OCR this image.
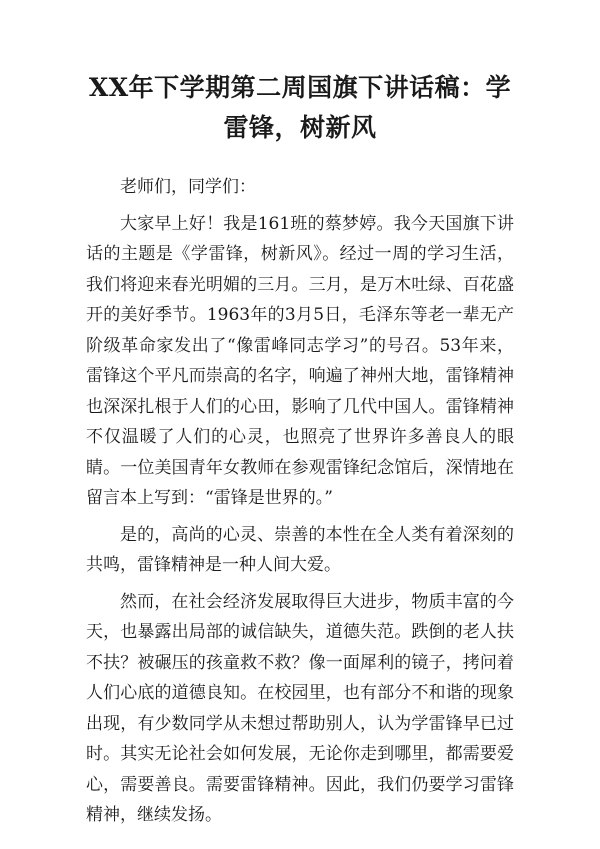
XX年下学期第二周国旗下讲话稿：学雷锋，树新风

老师们，同学们：

大家早上好！我是161班的蔡梦婷。我今天国旗下讲话的主题是《学雷锋，树新风》。经过一周的学习生活，我们将迎来春光明媚的三月。三月，是万木吐绿、百花盛开的美好季节。1963年的3月5日，毛泽东等老一辈无产阶级革命家发出了“像雷峰同志学习”的号召。53年来，雷锋这个平凡而崇高的名字，响遍了神州大地，雷锋精神也深深扎根于人们的心田，影响了几代中国人。雷锋精神不仅温暖了人们的心灵，也照亮了世界许多善良人的眼睛。一位美国青年女教师在参观雷锋纪念馆后，深情地在留言本上写到：“雷锋是世界的。”

是的，高尚的心灵、崇善的本性在全人类有着深刻的共鸣，雷锋精神是一种人间大爱。

然而，在社会经济发展取得巨大进步，物质丰富的今天，也暴露出局部的诚信缺失，道德失范。跌倒的老人扶不扶？被碾压的孩童救不救？像一面犀利的镜子，拷问着人们心底的道德良知。在校园里，也有部分不和谐的现象出现，有少数同学从未想过帮助别人，认为学雷锋早已过时。其实无论社会如何发展，无论你走到哪里，都需要爱心，需要善良。需要雷锋精神。因此，我们仍要学习雷锋精神，继续发扬。
